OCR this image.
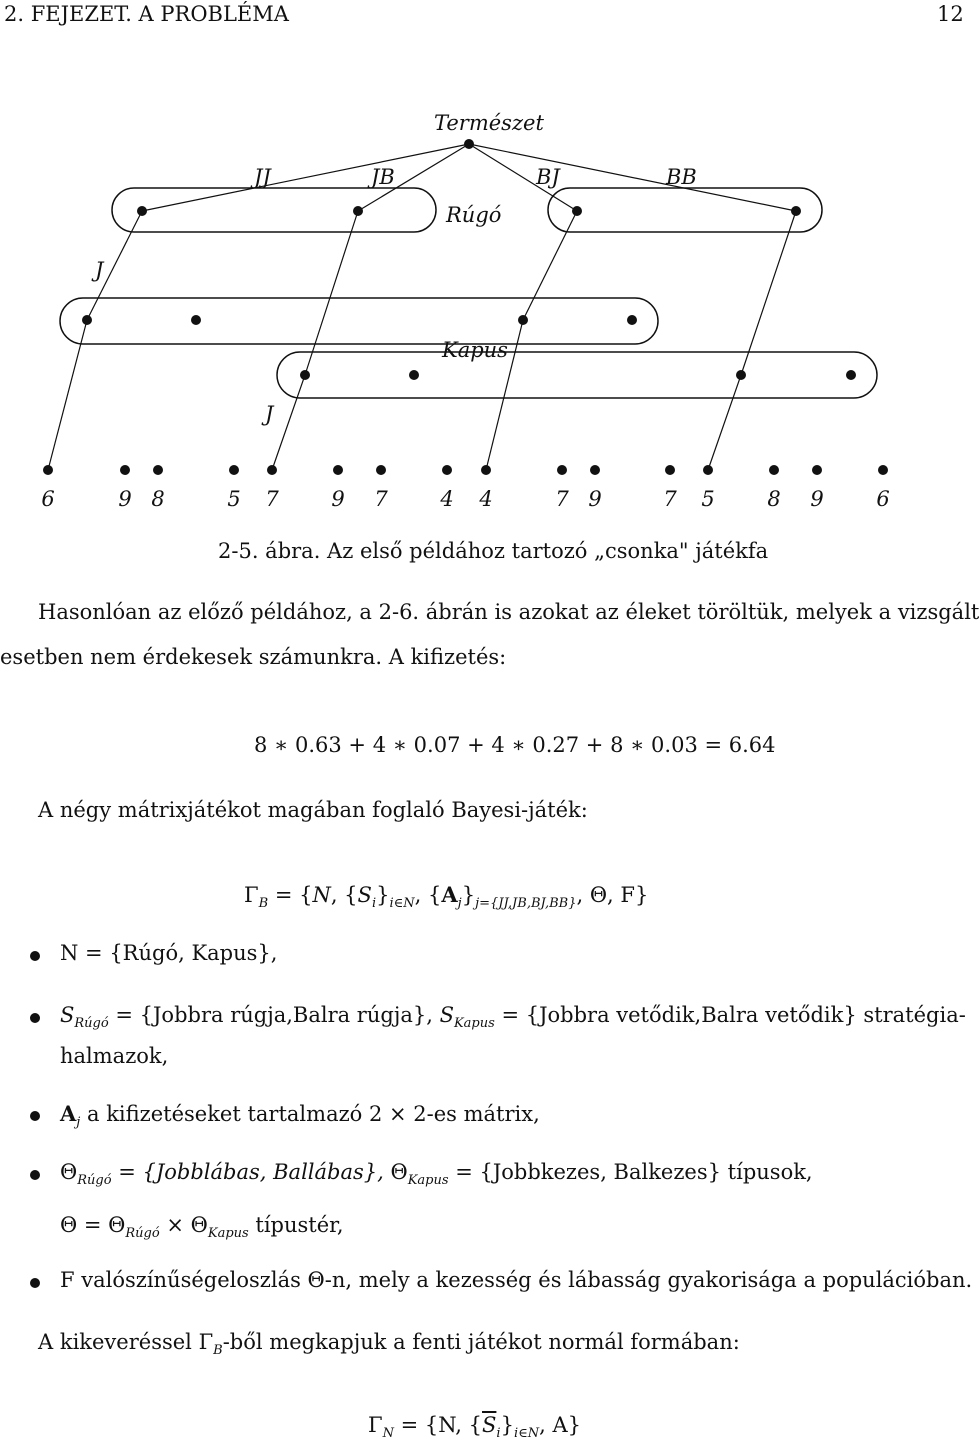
2. FEJEZET. A PROBLÉMA	12
6	9 8	5 7	9 7	4 4	7 9	7 5	8 9	6
Természet
JJ	JB	BJ	BB
Rúgó
J
Kapus
J
2-5. ábra. Az első példához tartozó „csonka" játékfa
Hasonlóan az előző példához, a 2-6. ábrán is azokat az éleket töröltük, melyek a vizsgált
esetben nem érdekesek számunkra. A kifizetés:
8 ∗ 0.63 + 4 ∗ 0.07 + 4 ∗ 0.27 + 8 ∗ 0.03 = 6.64
A négy mátrixjátékot magában foglaló Bayesi-játék:
$\Gamma_B = \{N$, $\{S_i\}_{i\in N}$, $\{A_j\}_{j=\{JJ,JB,BJ,BB\}}$, Θ, F}
N = {Rúgó, Kapus},
$S_{Rúgó}$ = {Jobbra rúgja,Balra rúgja}, $S_{Kapus}$ = {Jobbra vetődik,Balra vetődik} stratégia-
halmazok,
$A_j$ a kifizetéseket tartalmazó 2 × 2-es mátrix,
$\Theta_{Rúgó}$ = {Jobblábas, Ballábas}, $\Theta_{Kapus}$ = {Jobbkezes, Balkezes} típusok,
$\Theta = \Theta_{Rúgó} \times \Theta_{Kapus}$ típustér,
F valószínűségeloszlás Θ-n, mely a kezesség és lábasság gyakorisága a populációban.
A kikeveréssel $\Gamma_B$-ből megkapjuk a fenti játékot normál formában:
$\Gamma_N = \{N$, $\{\overline{S}_i\}_{i\in N}$, A}
